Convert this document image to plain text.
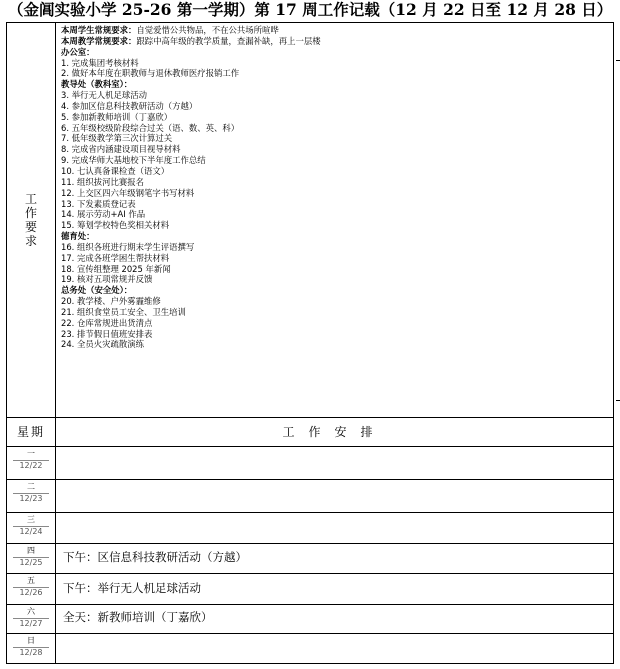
（金阊实验小学 25-26 第一学期）第 17 周工作记载（12 月 22 日至 12 月 28 日）
工作要求
本周学生常规要求：自觉爱惜公共物品，不在公共场所喧哗
本周教学常规要求：跟踪中高年级的教学质量，查漏补缺，再上一层楼
办公室：
1. 完成集团考核材料
2. 做好本年度在职教师与退休教师医疗报销工作
教导处（教科室）：
3. 举行无人机足球活动
4. 参加区信息科技教研活动（方越）
5. 参加新教师培训（丁嘉欣）
6. 五年级校级阶段综合过关（语、数、英、科）
7. 低年级教学第三次计算过关
8. 完成省内涵建设项目视导材料
9. 完成华师大基地校下半年度工作总结
10. 七认真备课检查（语文）
11. 组织拔河比赛报名
12. 上交区四六年级钢笔字书写材料
13. 下发素质登记表
14. 展示劳动+AI 作品
15. 筹划学校特色奖相关材料
德育处：
16. 组织各班进行期末学生评语撰写
17. 完成各班学困生帮扶材料
18. 宣传组整理 2025 年新闻
19. 核对五项常规并反馈
总务处（安全处）：
20. 教学楼、户外雾霾维修
21. 组织食堂员工安全、卫生培训
22. 仓库常规进出货清点
23. 排节假日值班安排表
24. 全员火灾疏散演练
星期	工作安排
一
12/22
二
12/23
三
12/24
四
12/25	下午：区信息科技教研活动（方越）
五
12/26	下午：举行无人机足球活动
六
12/27	全天：新教师培训（丁嘉欣）
日
12/28
